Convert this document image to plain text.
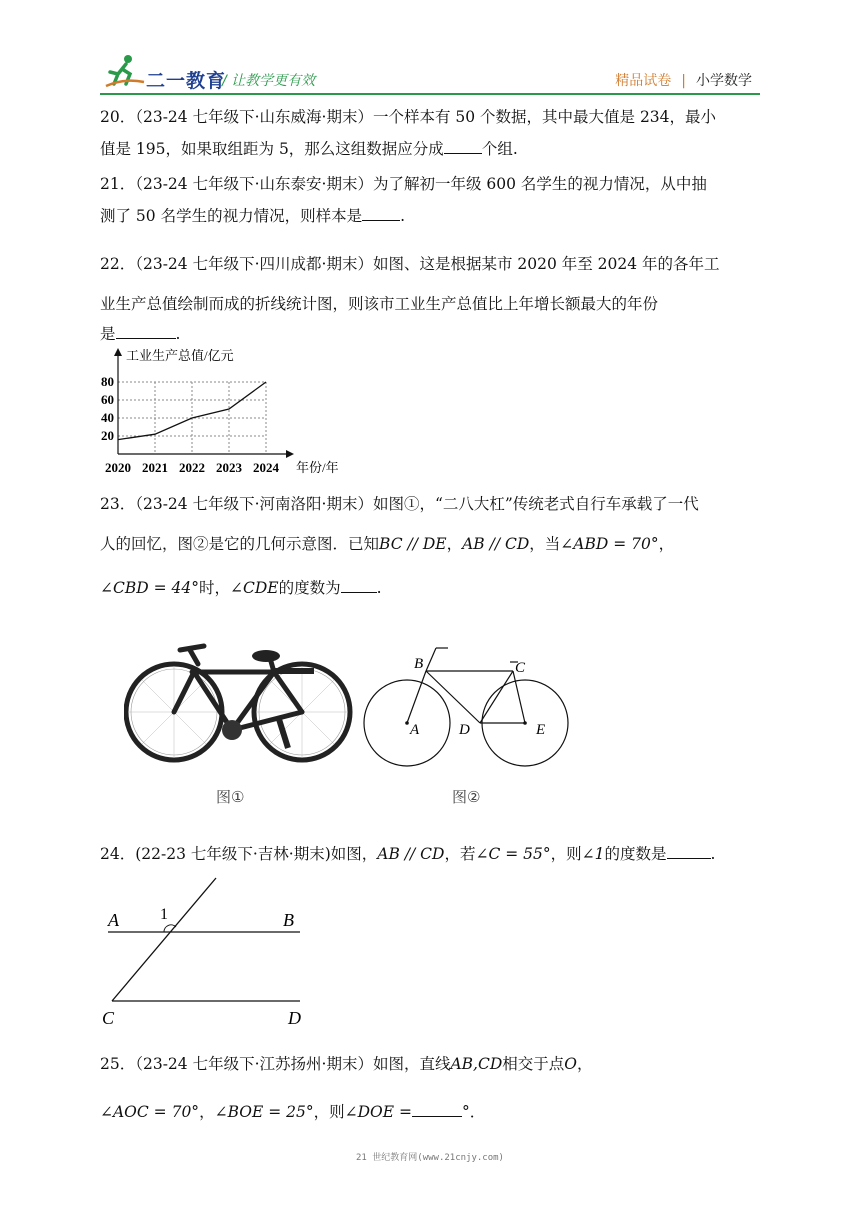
二一教育
/ 让教学更有效	精品试卷 | 小学数学
20．（23-24 七年级下·山东威海·期末）一个样本有 50 个数据，其中最大值是 234，最小
值是 195，如果取组距为 5，那么这组数据应分成 个组.
21．（23-24 七年级下·山东泰安·期末）为了解初一年级 600 名学生的视力情况，从中抽
测了 50 名学生的视力情况，则样本是 .
22．（23-24 七年级下·四川成都·期末）如图、这是根据某市 2020 年至 2024 年的各年工
业生产总值绘制而成的折线统计图，则该市工业生产总值比上年增长额最大的年份
是	.
工业生产总值/亿元
年份/年
20
40
60
80
2020 2021 2022 2023 2024
23．（23-24 七年级下·河南洛阳·期末）如图①，“二八大杠”传统老式自行车承载了一代
人的回忆，图②是它的几何示意图．已知BC // DE，AB // CD，当∠ABD = 70°，
∠CBD = 44°时，∠CDE的度数为 .
图①
B	C
A	D	E
图②
24．(22-23 七年级下·吉林·期末)如图，AB // CD，若∠C = 55°，则∠1的度数是	.
A	1	B
C	D
25．（23-24 七年级下·江苏扬州·期末）如图，直线AB,CD相交于点O，
∠AOC = 70°，∠BOE = 25°，则∠DOE =	°．
21 世纪教育网(www.21cnjy.com)
